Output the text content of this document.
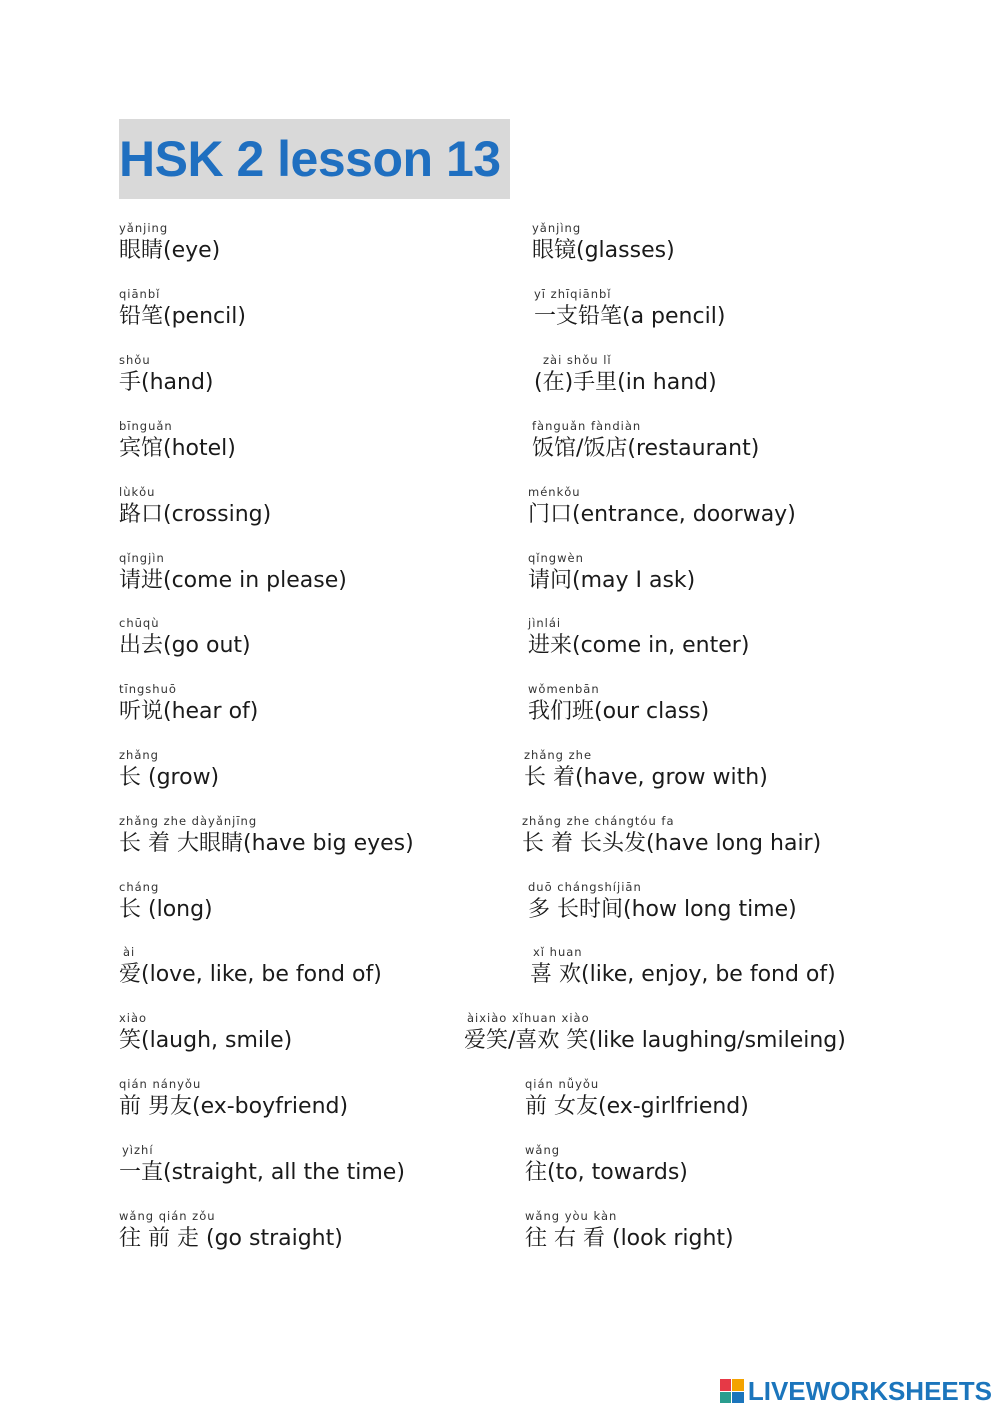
HSK 2 lesson 13
yǎnjing
眼睛(eye)
yǎnjìng
眼镜(glasses)
qiānbǐ
铅笔(pencil)
yī zhīqiānbǐ
一支铅笔(a pencil)
shǒu
手(hand)
zài shǒu lǐ
(在)手里(in hand)
bīnguǎn
宾馆(hotel)
fànguǎn fàndiàn
饭馆/饭店(restaurant)
lùkǒu
路口(crossing)
ménkǒu
门口(entrance, doorway)
qǐngjìn
请进(come in please)
qǐngwèn
请问(may I ask)
chūqù
出去(go out)
jìnlái
进来(come in, enter)
tīngshuō
听说(hear of)
wǒmenbān
我们班(our class)
zhǎng
长 (grow)
zhǎng zhe
长 着(have, grow with)
zhǎng zhe dàyǎnjīng
长 着 大眼睛(have big eyes)
zhǎng zhe chángtóu fa
长 着 长头发(have long hair)
cháng
长 (long)
duō chángshíjiān
多 长时间(how long time)
ài
爱(love, like, be fond of)
xǐ huan
喜 欢(like, enjoy, be fond of)
xiào
笑(laugh, smile)
àixiào xǐhuan xiào
爱笑/喜欢 笑(like laughing/smileing)
qián nányǒu
前 男友(ex-boyfriend)
qián nǚyǒu
前 女友(ex-girlfriend)
yìzhí
一直(straight, all the time)
wǎng
往(to, towards)
wǎng qián zǒu
往 前 走 (go straight)
wǎng yòu kàn
往 右 看 (look right)
LIVEWORKSHEETS
